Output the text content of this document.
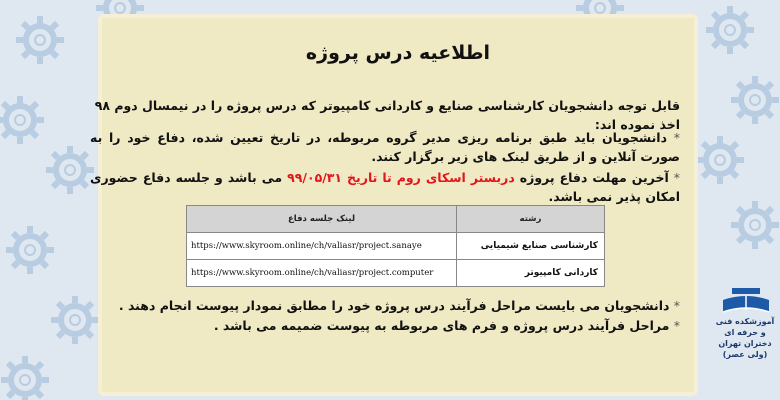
اطلاعیه درس پروژه
قابل توجه دانشجویان کارشناسی صنایع و کاردانی کامپیوتر که درس پروژه را در نیمسال دوم ۹۸ اخذ نموده اند:
* دانشجویان باید طبق برنامه ریزی مدیر گروه مربوطه، در تاریخ تعیین شده، دفاع خود را به صورت آنلاین و از طریق لینک های زیر برگزار کنند.
* آخرین مهلت دفاع پروژه دربستر اسکای روم تا تاریخ ۹۹/۰۵/۳۱ می باشد و جلسه دفاع حضوری امکان پذیر نمی باشد.
رشته	لینک جلسه دفاع
کارشناسی صنایع شیمیایی	https://www.skyroom.online/ch/valiasr/project.sanaye
کاردانی کامپیوتر	https://www.skyroom.online/ch/valiasr/project.computer
* دانشجویان می بایست مراحل فرآیند درس پروژه خود را مطابق نمودار پیوست انجام دهند .
* مراحل فرآیند درس پروژه و فرم های مربوطه به پیوست ضمیمه می باشد .	آموزشکده فنی و حرفه ای
دختران تهران (ولی عصر)
